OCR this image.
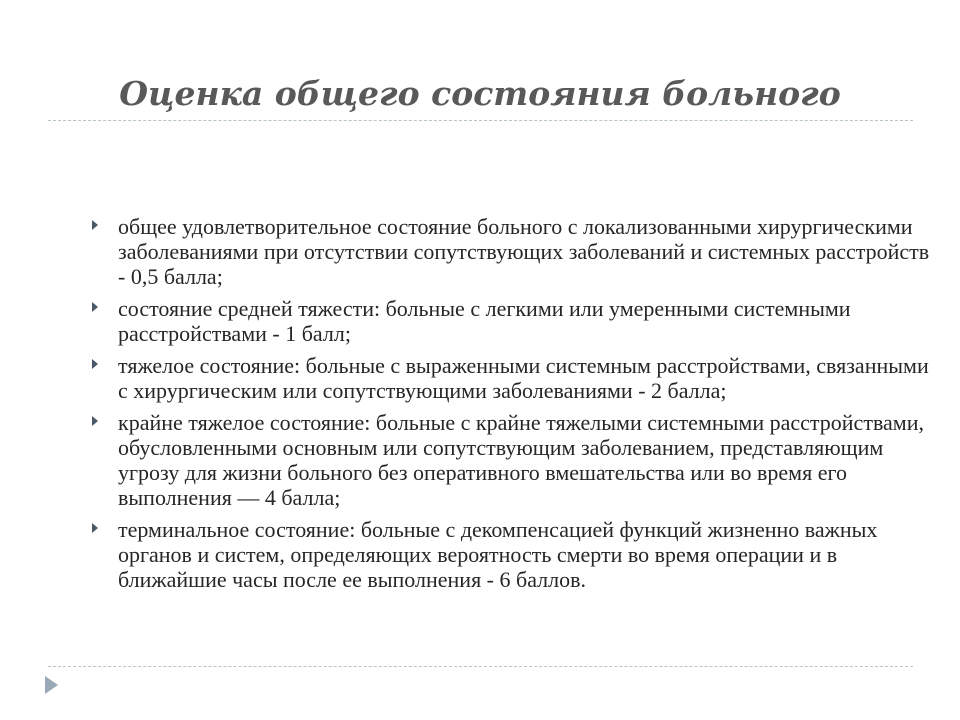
Оценка общего состояния больного
общее удовлетворительное состояние больного с локализованными хирургическими заболеваниями при отсутствии сопутствующих заболеваний и системных расстройств - 0,5 балла;
состояние средней тяжести: больные с легкими или умеренными системными расстройствами - 1 балл;
тяжелое состояние: больные с выраженными системным расстройствами, связанными с хирургическим или сопутствующими заболеваниями - 2 балла;
крайне тяжелое состояние: больные с крайне тяжелыми системными расстройствами, обусловленными основным или сопутствующим заболеванием, представляющим угрозу для жизни больного без оперативного вмешательства или во время его выполнения — 4 балла;
терминальное состояние: больные с декомпенсацией функций жизненно важных органов и систем, определяющих вероятность смерти во время операции и в ближайшие часы после ее выполнения - 6 баллов.
